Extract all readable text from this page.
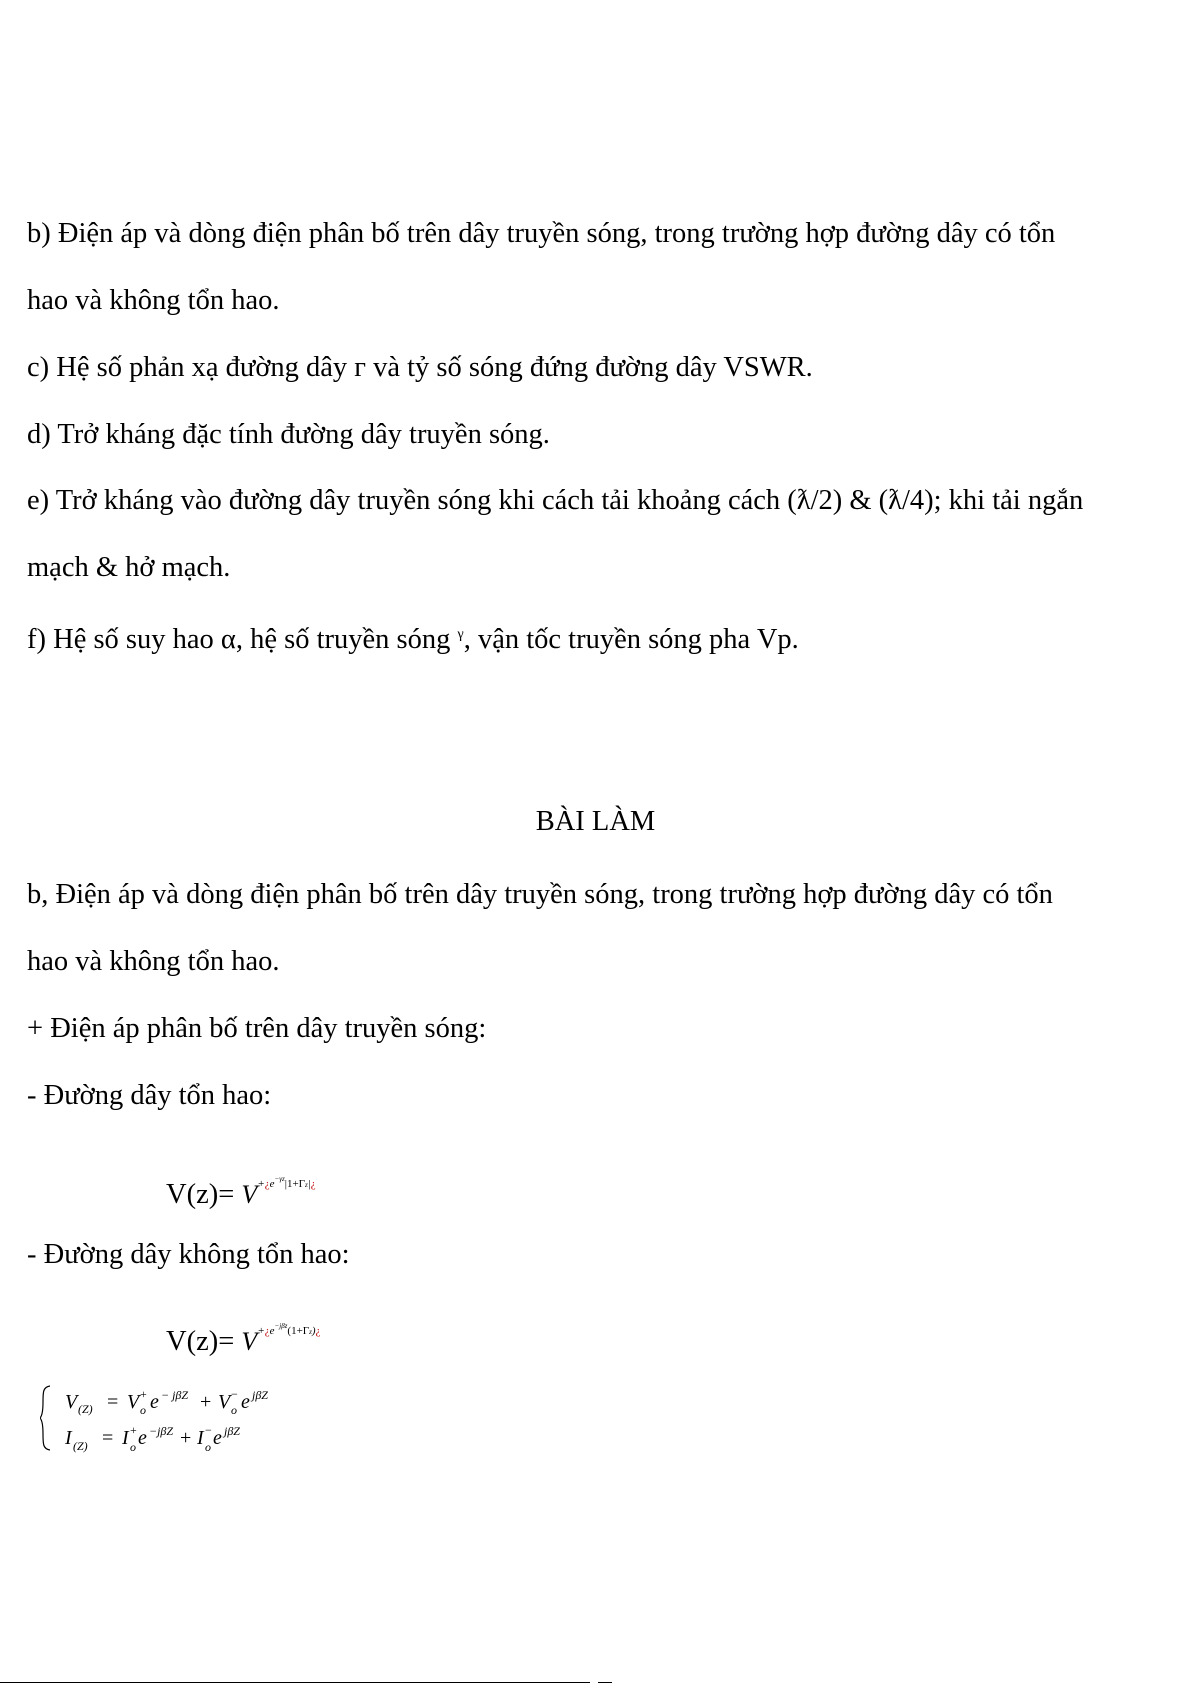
b) Điện áp và dòng điện phân bố trên dây truyền sóng, trong trường hợp đường dây có tổn
hao và không tổn hao.
c) Hệ số phản xạ đường dây г và tỷ số sóng đứng đường dây VSWR.
d) Trở kháng đặc tính đường dây truyền sóng.
e) Trở kháng vào đường dây truyền sóng khi cách tải khoảng cách (ƛ/2) & (ƛ/4); khi tải ngắn
mạch & hở mạch.
f) Hệ số suy hao α, hệ số truyền sóng $^\gamma$, vận tốc truyền sóng pha Vp.
BÀI LÀM
b, Điện áp và dòng điện phân bố trên dây truyền sóng, trong trường hợp đường dây có tổn
hao và không tổn hao.
+ Điện áp phân bố trên dây truyền sóng:
- Đường dây tổn hao:
$V(z)= V^{+¿e^{-\gamma z}|1+\Gamma z|¿}$
- Đường dây không tổn hao:
$V(z)= V^{+¿e^{-j\beta z}(1+\Gamma z)¿}$
V (Z) = V +
o e − jβZ + V −
o e jβZ
I (Z) = I +
o e −jβZ + I −
o e jβZ
